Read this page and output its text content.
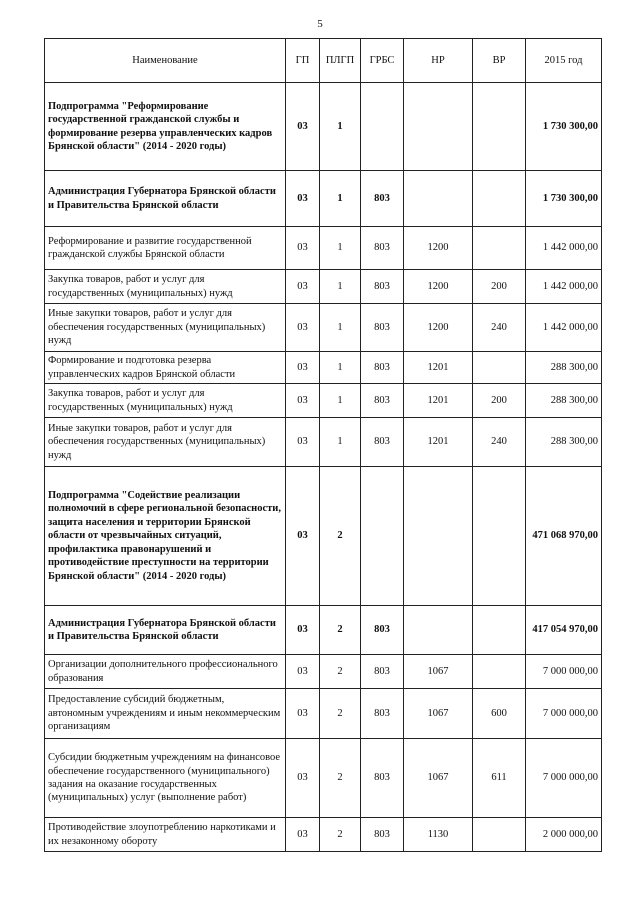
5
Наименование	ГП	ПЛГП	ГРБС	НР	ВР	2015 год
Подпрограмма "Реформирование государственной гражданской службы и формирование резерва управленческих кадров Брянской области" (2014 - 2020 годы)	03	1				1 730 300,00
Администрация Губернатора Брянской области и Правительства Брянской области	03	1	803			1 730 300,00
Реформирование и развитие государственной гражданской службы Брянской области	03	1	803	1200		1 442 000,00
Закупка товаров, работ и услуг для государственных (муниципальных) нужд	03	1	803	1200	200	1 442 000,00
Иные закупки товаров, работ и услуг для обеспечения государственных (муниципальных) нужд	03	1	803	1200	240	1 442 000,00
Формирование и подготовка резерва управленческих кадров Брянской области	03	1	803	1201		288 300,00
Закупка товаров, работ и услуг для государственных (муниципальных) нужд	03	1	803	1201	200	288 300,00
Иные закупки товаров, работ и услуг для обеспечения государственных (муниципальных) нужд	03	1	803	1201	240	288 300,00
Подпрограмма "Содействие реализации полномочий в сфере региональной безопасности, защита населения и территории Брянской области от чрезвычайных ситуаций, профилактика правонарушений и противодействие преступности на территории Брянской области" (2014 - 2020 годы)	03	2				471 068 970,00
Администрация Губернатора Брянской области и Правительства Брянской области	03	2	803			417 054 970,00
Организации дополнительного профессионального образования	03	2	803	1067		7 000 000,00
Предоставление субсидий бюджетным, автономным учреждениям и иным некоммерческим организациям	03	2	803	1067	600	7 000 000,00
Субсидии бюджетным учреждениям на финансовое обеспечение государственного (муниципального) задания на оказание государственных (муниципальных) услуг (выполнение работ)	03	2	803	1067	611	7 000 000,00
Противодействие злоупотреблению наркотиками и их незаконному обороту	03	2	803	1130		2 000 000,00
